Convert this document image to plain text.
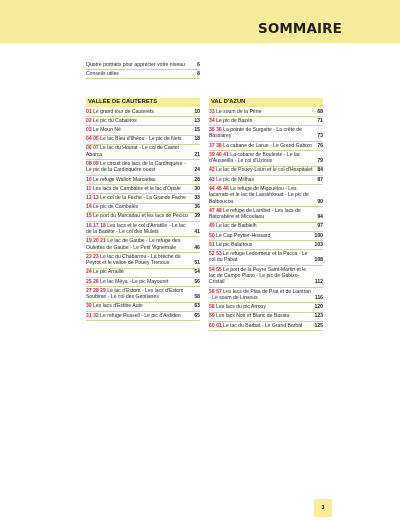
SOMMAIRE
Quatre portraits pour apprécier votre niveau	6
Conseils utiles	8
VALLÉE DE CAUTERETS
01 Le grand tour de Cauterets	10
02 Le pic du Cabaliros	13
03 Le Moun Né	15
04 05 Le lac Bleu d'Ilhéou - Le pic de Nets	18
06 07 Le lac du Hourat - Le col de Castet Abarca	21
08 09 Le circuit des lacs de la Cardinquère - Le pic de la Cardinquère ouest	24
10 Le refuge Wallon Marcadau	28
11 Les lacs de Cambalès et le lac d'Opale	30
12 13 Le col de la Fache - La Grande Fache	33
14 Le pic de Cambalès	36
15 Le port du Marcadau et les lacs de Pecico	39
16 17 18 Les lacs et le col d'Arratille - Le lac de la Badète - Le col des Mulets	41
19 20 21 Le lac de Gaube - Le refuge des Oulettes de Gaube - Le Petit Vignemale	46
22 23 Le lac du Chabarrou - La brèche du Peyrot et le vallon de Pouey Trenous	51
24 Le pic Arraillé	54
25 26 Le lac Méya - Le pic Mayouret	56
27 28 29 Le lac d'Estom - Les lacs d'Estom Soubiran - Le col des Gentianes	58
30 Les lacs d'Estibe Aute	63
31 32 Le refuge Russell - Le pic d'Ardiden	65
VAL D'AZUN
33 Le soum de la Pène	68
34 Le pic de Bazès	71
35 36 La pointe de Surgatte - La crête de Bassiarey	73
37 38 La cabane de Larue - Le Grand Gabizo	76
39 40 41 La cabane de Bouleste - Le lac d'Ausseilla - Le col d'Uzious	79
42 Le lac de Pouey-Laün et le col d'Hospitalet 84
43 Le pic de Millhas	87
44 45 46 Le refuge de Migouélou - Les lacarrats et le lac de Lassiédouat - Le pic de Batboucou	90
47 48 Le refuge de Larribet - Les lacs de Batcrabère et Micoulaou	94
49 Le lac de Batbielh	97
50 Le Cap Peytier-Hossard	100
51 Le pic Balaïtous	103
52 53 Le refuge Ledormeur et la Pacca - Le col du Pabat	108
54 55 Le port de la Peyre Saint-Martin et le lac de Campo Plano - Le pic de Gabizo-Cristail	112
56 57 Les lacs de Plaa de Prat et de Liantran - Le soum de Linsous	116
58 Les lacs du pic Arrouy	120
59 Les lacs Noir et Blanc de Bassia	123
60 61 Le lac du Barbat - Le Grand Barbat	125
3
